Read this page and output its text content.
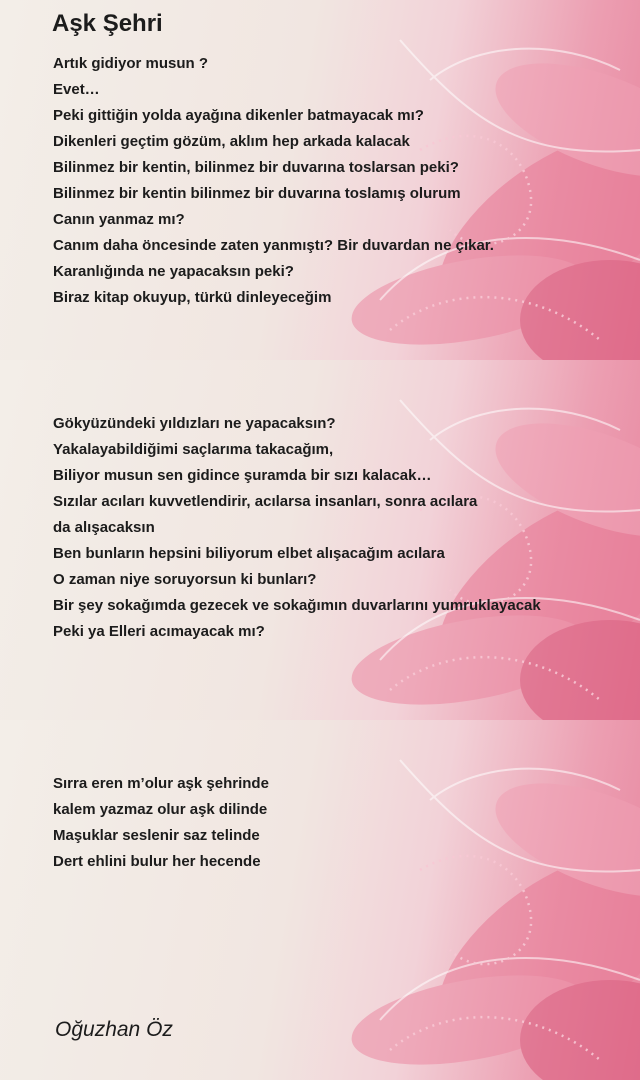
Aşk Şehri
Artık gidiyor musun ?
Evet…
Peki gittiğin yolda ayağına dikenler batmayacak mı?
Dikenleri geçtim gözüm, aklım hep arkada kalacak
Bilinmez bir kentin, bilinmez bir duvarına toslarsan peki?
Bilinmez bir kentin bilinmez bir duvarına toslamış olurum
Canın yanmaz mı?
Canım daha öncesinde zaten yanmıştı? Bir duvardan ne çıkar.
Karanlığında ne yapacaksın peki?
Biraz kitap okuyup, türkü dinleyeceğim
Gökyüzündeki yıldızları ne yapacaksın?
Yakalayabildiğimi saçlarıma takacağım,
Biliyor musun sen gidince şuramda bir sızı kalacak…
Sızılar acıları kuvvetlendirir, acılarsa insanları, sonra acılara
da alışacaksın
Ben bunların hepsini biliyorum elbet alışacağım acılara
O zaman niye soruyorsun ki bunları?
Bir şey sokağımda gezecek ve sokağımın duvarlarını yumruklayacak
Peki ya Elleri acımayacak mı?
Sırra eren m’olur aşk şehrinde
kalem yazmaz olur aşk dilinde
Maşuklar seslenir saz telinde
Dert ehlini bulur her hecende
Oğuzhan Öz
